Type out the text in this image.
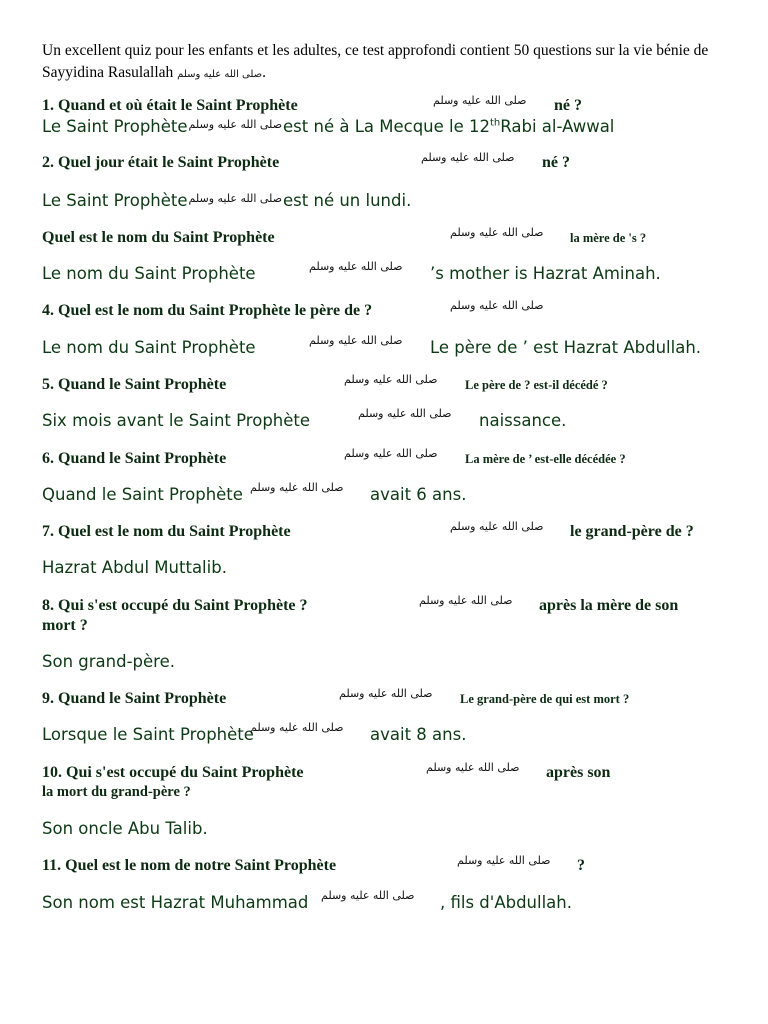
Un excellent quiz pour les enfants et les adultes, ce test approfondi contient 50 questions sur la vie bénie de
Sayyidina Rasulallah صلى الله عليه وسلم.
1. Quand et où était le Saint Prophète	صلى الله عليه وسلم né ?
Le Saint Prophèteصلى الله عليه وسلمest né à La Mecque le 12thRabi al-Awwal
2. Quel jour était le Saint Prophète	صلى الله عليه وسلم né ?
Le Saint Prophèteصلى الله عليه وسلمest né un lundi.
Quel est le nom du Saint Prophète	صلى الله عليه وسلم la mère de 's ?
Le nom du Saint Prophète	صلى الله عليه وسلم ’s mother is Hazrat Aminah.
4. Quel est le nom du Saint Prophète le père de ?	صلى الله عليه وسلم
Le nom du Saint Prophète	صلى الله عليه وسلم Le père de ’ est Hazrat Abdullah.
5. Quand le Saint Prophète	صلى الله عليه وسلم Le père de ? est-il décédé ?
Six mois avant le Saint Prophète	صلى الله عليه وسلم naissance.
6. Quand le Saint Prophète	صلى الله عليه وسلم La mère de ’ est-elle décédée ?
Quand le Saint Prophète صلى الله عليه وسلم avait 6 ans.
7. Quel est le nom du Saint Prophète	صلى الله عليه وسلم le grand-père de ?
Hazrat Abdul Muttalib.
8. Qui s'est occupé du Saint Prophète ?	صلى الله عليه وسلم après la mère de son
mort ?
Son grand-père.
9. Quand le Saint Prophète	صلى الله عليه وسلم Le grand-père de qui est mort ?
Lorsque le Saint Prophète
صلى الله عليه وسلم avait 8 ans.
10. Qui s'est occupé du Saint Prophète	صلى الله عليه وسلم après son
la mort du grand-père ?
Son oncle Abu Talib.
11. Quel est le nom de notre Saint Prophète	صلى الله عليه وسلم ?
Son nom est Hazrat Muhammad صلى الله عليه وسلم , fils d'Abdullah.
